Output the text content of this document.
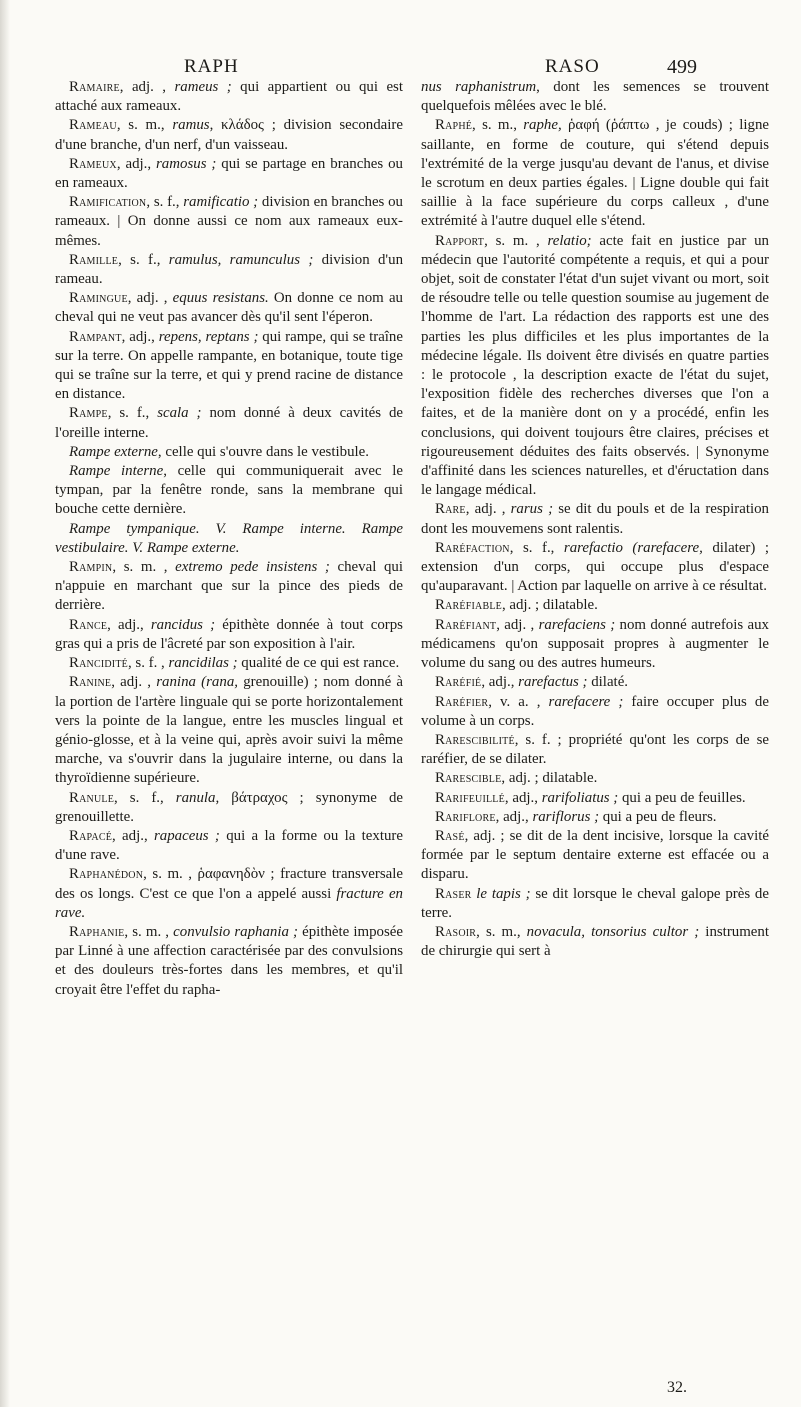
RAPH	RASO	499

Ramaire, adj. , rameus ; qui appartient ou qui est attaché aux rameaux.

Rameau, s. m., ramus, κλάδος ; division secondaire d'une branche, d'un nerf, d'un vaisseau.

Rameux, adj., ramosus ; qui se partage en branches ou en rameaux.

Ramification, s. f., ramificatio ; division en branches ou rameaux. | On donne aussi ce nom aux rameaux eux-mêmes.

Ramille, s. f., ramulus, ramunculus ; division d'un rameau.

Ramingue, adj. , equus resistans. On donne ce nom au cheval qui ne veut pas avancer dès qu'il sent l'éperon.

Rampant, adj., repens, reptans ; qui rampe, qui se traîne sur la terre. On appelle rampante, en botanique, toute tige qui se traîne sur la terre, et qui y prend racine de distance en distance.

Rampe, s. f., scala ; nom donné à deux cavités de l'oreille interne.

Rampe externe, celle qui s'ouvre dans le vestibule.

Rampe interne, celle qui communiquerait avec le tympan, par la fenêtre ronde, sans la membrane qui bouche cette dernière.

Rampe tympanique. V. Rampe interne. Rampe vestibulaire. V. Rampe externe.

Rampin, s. m. , extremo pede insistens ; cheval qui n'appuie en marchant que sur la pince des pieds de derrière.

Rance, adj., rancidus ; épithète donnée à tout corps gras qui a pris de l'âcreté par son exposition à l'air.

Rancidité, s. f. , rancidilas ; qualité de ce qui est rance.

Ranine, adj. , ranina (rana, grenouille) ; nom donné à la portion de l'artère linguale qui se porte horizontalement vers la pointe de la langue, entre les muscles lingual et génio-glosse, et à la veine qui, après avoir suivi la même marche, va s'ouvrir dans la jugulaire interne, ou dans la thyroïdienne supérieure.

Ranule, s. f., ranula, βάτραχος ; synonyme de grenouillette.

Rapacé, adj., rapaceus ; qui a la forme ou la texture d'une rave.

Raphanédon, s. m. , ῥαφανηδὸν ; fracture transversale des os longs. C'est ce que l'on a appelé aussi fracture en rave.

Raphanie, s. m. , convulsio raphania ; épithète imposée par Linné à une affection caractérisée par des convulsions et des douleurs très-fortes dans les membres, et qu'il croyait être l'effet du rapha-

nus raphanistrum, dont les semences se trouvent quelquefois mêlées avec le blé.

Raphé, s. m., raphe, ῥαφή (ῥάπτω , je couds) ; ligne saillante, en forme de couture, qui s'étend depuis l'extrémité de la verge jusqu'au devant de l'anus, et divise le scrotum en deux parties égales. | Ligne double qui fait saillie à la face supérieure du corps calleux , d'une extrémité à l'autre duquel elle s'étend.

Rapport, s. m. , relatio; acte fait en justice par un médecin que l'autorité compétente a requis, et qui a pour objet, soit de constater l'état d'un sujet vivant ou mort, soit de résoudre telle ou telle question soumise au jugement de l'homme de l'art. La rédaction des rapports est une des parties les plus difficiles et les plus importantes de la médecine légale. Ils doivent être divisés en quatre parties : le protocole , la description exacte de l'état du sujet, l'exposition fidèle des recherches diverses que l'on a faites, et de la manière dont on y a procédé, enfin les conclusions, qui doivent toujours être claires, précises et rigoureusement déduites des faits observés. | Synonyme d'affinité dans les sciences naturelles, et d'éructation dans le langage médical.

Rare, adj. , rarus ; se dit du pouls et de la respiration dont les mouvemens sont ralentis.

Raréfaction, s. f., rarefactio (rarefacere, dilater) ; extension d'un corps, qui occupe plus d'espace qu'auparavant. | Action par laquelle on arrive à ce résultat.

Raréfiable, adj. ; dilatable.

Raréfiant, adj. , rarefaciens ; nom donné autrefois aux médicamens qu'on supposait propres à augmenter le volume du sang ou des autres humeurs.

Raréfié, adj., rarefactus ; dilaté.

Raréfier, v. a. , rarefacere ; faire occuper plus de volume à un corps.

Rarescibilité, s. f. ; propriété qu'ont les corps de se raréfier, de se dilater.

Rarescible, adj. ; dilatable.

Rarifeuillé, adj., rarifoliatus ; qui a peu de feuilles.

Rariflore, adj., rariflorus ; qui a peu de fleurs.

Rasé, adj. ; se dit de la dent incisive, lorsque la cavité formée par le septum dentaire externe est effacée ou a disparu.

Raser le tapis ; se dit lorsque le cheval galope près de terre.

Rasoir, s. m., novacula, tonsorius cultor ; instrument de chirurgie qui sert à

32.
